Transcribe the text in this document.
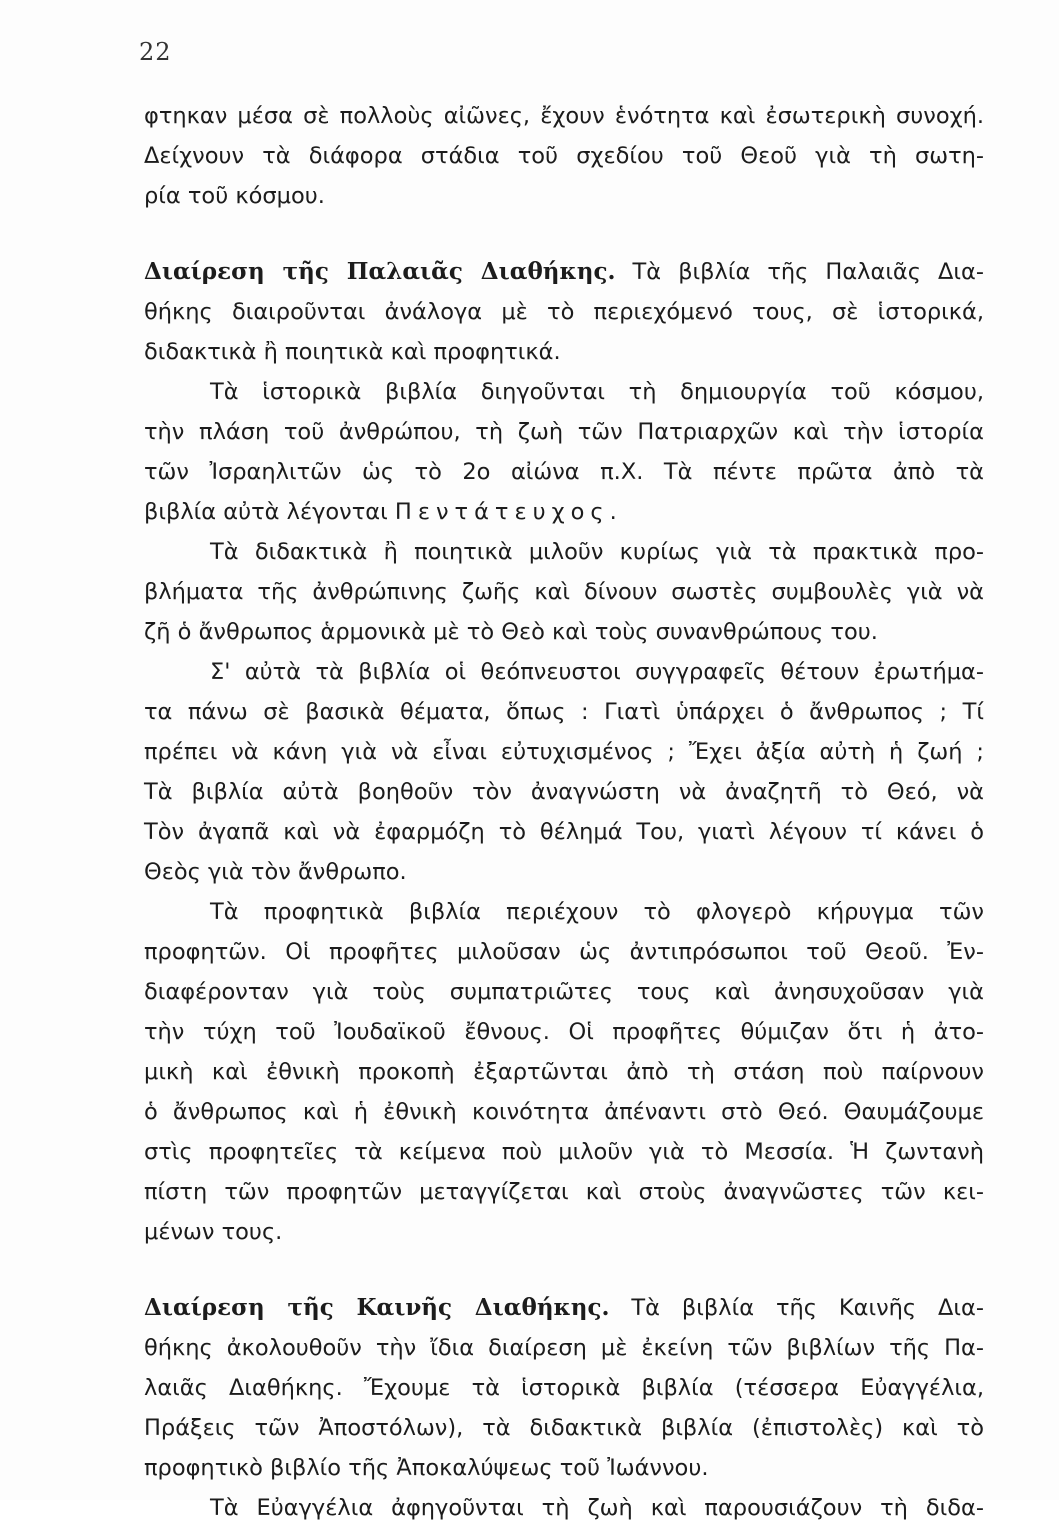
22
φτηκαν μέσα σὲ πολλοὺς αἰῶνες, ἔχουν ἑνότητα καὶ ἐσωτερικὴ συνοχή.
Δείχνουν τὰ διάφορα στάδια τοῦ σχεδίου τοῦ Θεοῦ γιὰ τὴ σωτη-
ρία τοῦ κόσμου.
Διαίρεση τῆς Παλαιᾶς Διαθήκης. Τὰ βιβλία τῆς Παλαιᾶς Δια-
θήκης διαιροῦνται ἀνάλογα μὲ τὸ περιεχόμενό τους, σὲ ἱστορικά,
διδακτικὰ ἢ ποιητικὰ καὶ προφητικά.
Τὰ ἱστορικὰ βιβλία διηγοῦνται τὴ δημιουργία τοῦ κόσμου,
τὴν πλάση τοῦ ἀνθρώπου, τὴ ζωὴ τῶν Πατριαρχῶν καὶ τὴν ἱστορία
τῶν Ἰσραηλιτῶν ὡς τὸ 2ο αἰώνα π.Χ. Τὰ πέντε πρῶτα ἀπὸ τὰ
βιβλία αὐτὰ λέγονται Πεντάτευχος.
Τὰ διδακτικὰ ἢ ποιητικὰ μιλοῦν κυρίως γιὰ τὰ πρακτικὰ προ-
βλήματα τῆς ἀνθρώπινης ζωῆς καὶ δίνουν σωστὲς συμβουλὲς γιὰ νὰ
ζῆ ὁ ἄνθρωπος ἁρμονικὰ μὲ τὸ Θεὸ καὶ τοὺς συνανθρώπους του.
Σ' αὐτὰ τὰ βιβλία οἱ θεόπνευστοι συγγραφεῖς θέτουν ἐρωτήμα-
τα πάνω σὲ βασικὰ θέματα, ὅπως : Γιατὶ ὑπάρχει ὁ ἄνθρωπος ; Τί
πρέπει νὰ κάνη γιὰ νὰ εἶναι εὐτυχισμένος ; Ἔχει ἀξία αὐτὴ ἡ ζωή ;
Τὰ βιβλία αὐτὰ βοηθοῦν τὸν ἀναγνώστη νὰ ἀναζητῆ τὸ Θεό, νὰ
Τὸν ἀγαπᾶ καὶ νὰ ἐφαρμόζη τὸ θέλημά Του, γιατὶ λέγουν τί κάνει ὁ
Θεὸς γιὰ τὸν ἄνθρωπο.
Τὰ προφητικὰ βιβλία περιέχουν τὸ φλογερὸ κήρυγμα τῶν
προφητῶν. Οἱ προφῆτες μιλοῦσαν ὡς ἀντιπρόσωποι τοῦ Θεοῦ. Ἐν-
διαφέρονταν γιὰ τοὺς συμπατριῶτες τους καὶ ἀνησυχοῦσαν γιὰ
τὴν τύχη τοῦ Ἰουδαϊκοῦ ἔθνους. Οἱ προφῆτες θύμιζαν ὅτι ἡ ἀτο-
μικὴ καὶ ἐθνικὴ προκοπὴ ἐξαρτῶνται ἀπὸ τὴ στάση ποὺ παίρνουν
ὁ ἄνθρωπος καὶ ἡ ἐθνικὴ κοινότητα ἀπέναντι στὸ Θεό. Θαυμάζουμε
στὶς προφητεῖες τὰ κείμενα ποὺ μιλοῦν γιὰ τὸ Μεσσία. Ἡ ζωντανὴ
πίστη τῶν προφητῶν μεταγγίζεται καὶ στοὺς ἀναγνῶστες τῶν κει-
μένων τους.
Διαίρεση τῆς Καινῆς Διαθήκης. Τὰ βιβλία τῆς Καινῆς Δια-
θήκης ἀκολουθοῦν τὴν ἴδια διαίρεση μὲ ἐκείνη τῶν βιβλίων τῆς Πα-
λαιᾶς Διαθήκης. Ἔχουμε τὰ ἱστορικὰ βιβλία (τέσσερα Εὐαγγέλια,
Πράξεις τῶν Ἀποστόλων), τὰ διδακτικὰ βιβλία (ἐπιστολὲς) καὶ τὸ
προφητικὸ βιβλίο τῆς Ἀποκαλύψεως τοῦ Ἰωάννου.
Τὰ Εὐαγγέλια ἀφηγοῦνται τὴ ζωὴ καὶ παρουσιάζουν τὴ διδα-
